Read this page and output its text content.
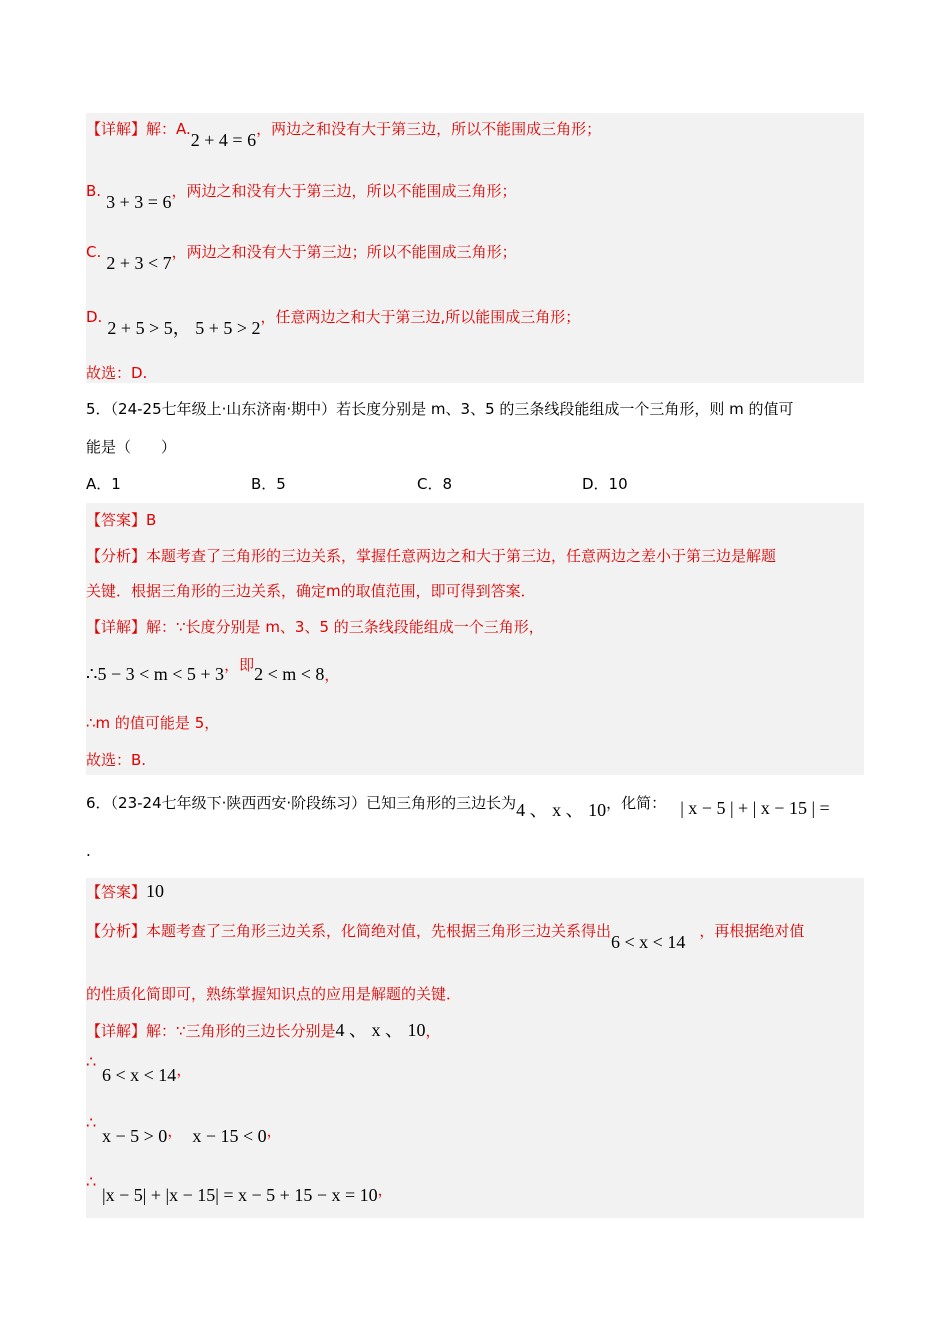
【详解】解：A.2 + 4 = 6，两边之和没有大于第三边，所以不能围成三角形；
B. 3 + 3 = 6，两边之和没有大于第三边，所以不能围成三角形；
C. 2 + 3 < 7，两边之和没有大于第三边；所以不能围成三角形；
D. 2 + 5 > 5， 5 + 5 > 2，任意两边之和大于第三边,所以能围成三角形；
故选：D.
5．（24-25七年级上·山东济南·期中）若长度分别是 m、3、5 的三条线段能组成一个三角形，则 m 的值可
能是（　　）
A．1	B．5	C．8	D．10
【答案】B
【分析】本题考查了三角形的三边关系，掌握任意两边之和大于第三边，任意两边之差小于第三边是解题
关键．根据三角形的三边关系，确定m的取值范围，即可得到答案．
【详解】解：∵长度分别是 m、3、5 的三条线段能组成一个三角形，
∴5 − 3 < m < 5 + 3，即2 < m < 8，
∴m 的值可能是 5，
故选：B.
6．（23-24七年级下·陕西西安·阶段练习）已知三角形的三边长为4 、 x 、 10，化简： | x − 5 | + | x − 15 | =
.
【答案】10
【分析】本题考查了三角形三边关系，化简绝对值，先根据三角形三边关系得出6 < x < 14，再根据绝对值
的性质化简即可，熟练掌握知识点的应用是解题的关键．
【详解】解：∵三角形的三边长分别是4 、 x 、 10，
∴
6 < x < 14，
∴
x − 5 > 0， x − 15 < 0，
∴
|x − 5| + |x − 15| = x − 5 + 15 − x = 10，
